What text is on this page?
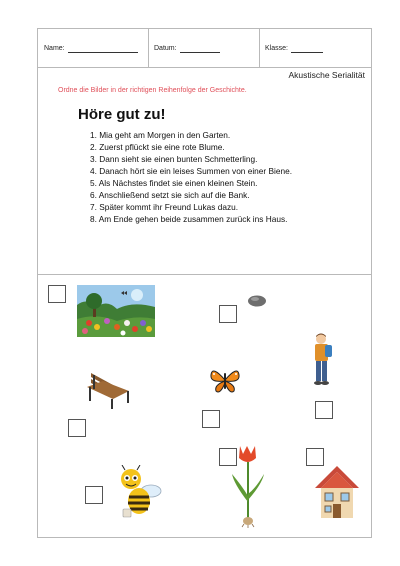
Name:	Datum:	Klasse:
Akustische Serialität
Ordne die Bilder in der richtigen Reihenfolge der Geschichte.
Höre gut zu!
1. Mia geht am Morgen in den Garten.
2. Zuerst pflückt sie eine rote Blume.
3. Dann sieht sie einen bunten Schmetterling.
4. Danach hört sie ein leises Summen von einer Biene.
5. Als Nächstes findet sie einen kleinen Stein.
6. Anschließend setzt sie sich auf die Bank.
7. Später kommt ihr Freund Lukas dazu.
8. Am Ende gehen beide zusammen zurück ins Haus.
